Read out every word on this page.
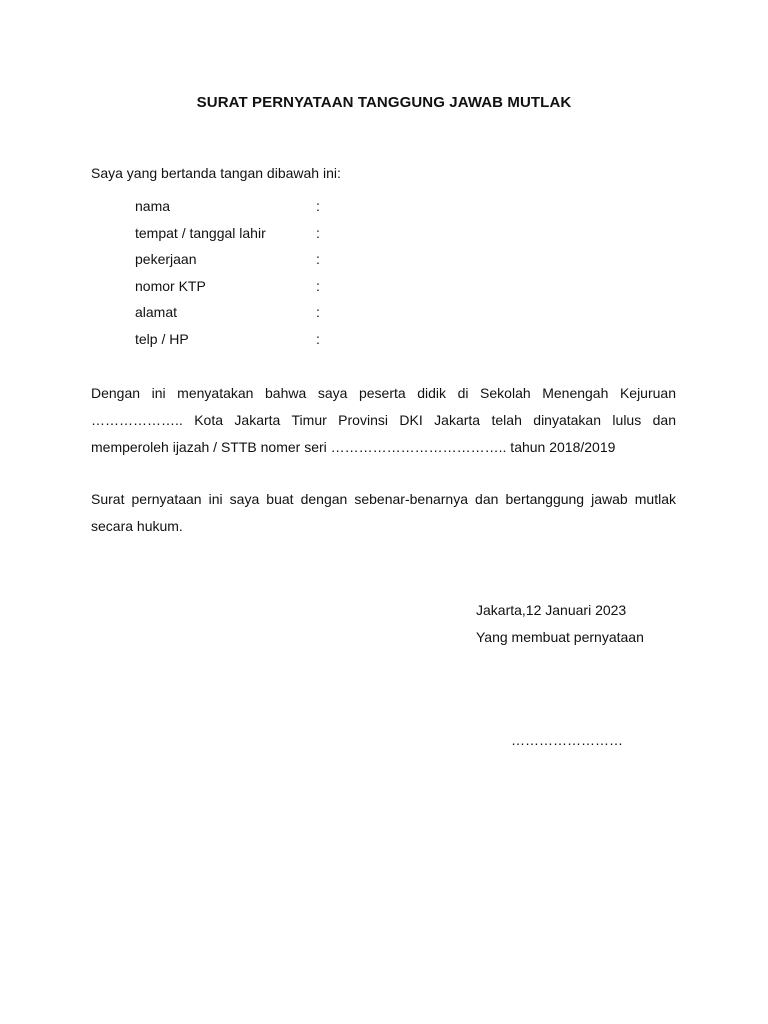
SURAT PERNYATAAN TANGGUNG JAWAB MUTLAK
Saya yang bertanda tangan dibawah ini:
nama	:
tempat / tanggal lahir	:
pekerjaan	:
nomor KTP	:
alamat	:
telp / HP	:
Dengan ini menyatakan bahwa saya peserta didik di Sekolah Menengah Kejuruan ……………….. Kota Jakarta Timur Provinsi DKI Jakarta telah dinyatakan lulus dan memperoleh ijazah / STTB nomer seri ……………………………….. tahun 2018/2019
Surat pernyataan ini saya buat dengan sebenar-benarnya dan bertanggung jawab mutlak secara hukum.
Jakarta,12 Januari 2023
Yang membuat pernyataan
……………………
